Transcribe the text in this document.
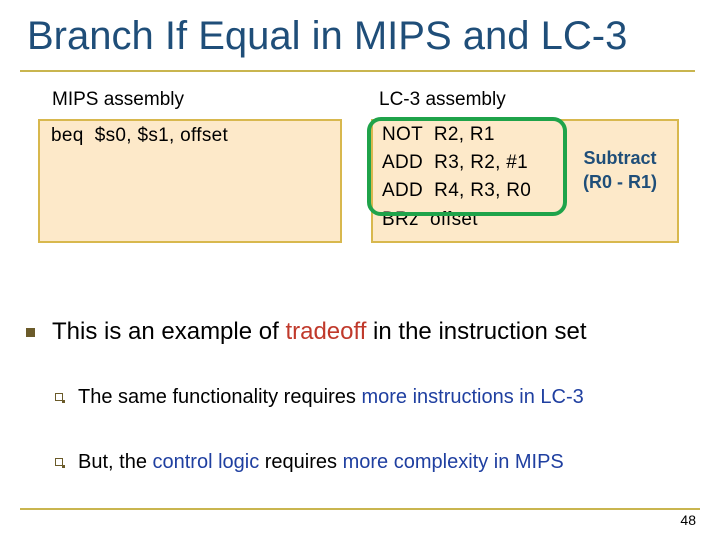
Branch If Equal in MIPS and LC-3
MIPS assembly
beq  $s0, $s1, offset
LC-3 assembly
NOT  R2, R1
ADD  R3, R2, #1
ADD  R4, R3, R0
BRz  offset
Subtract
(R0 - R1)
This is an example of tradeoff in the instruction set
The same functionality requires more instructions in LC-3
But, the control logic requires more complexity in MIPS
48
